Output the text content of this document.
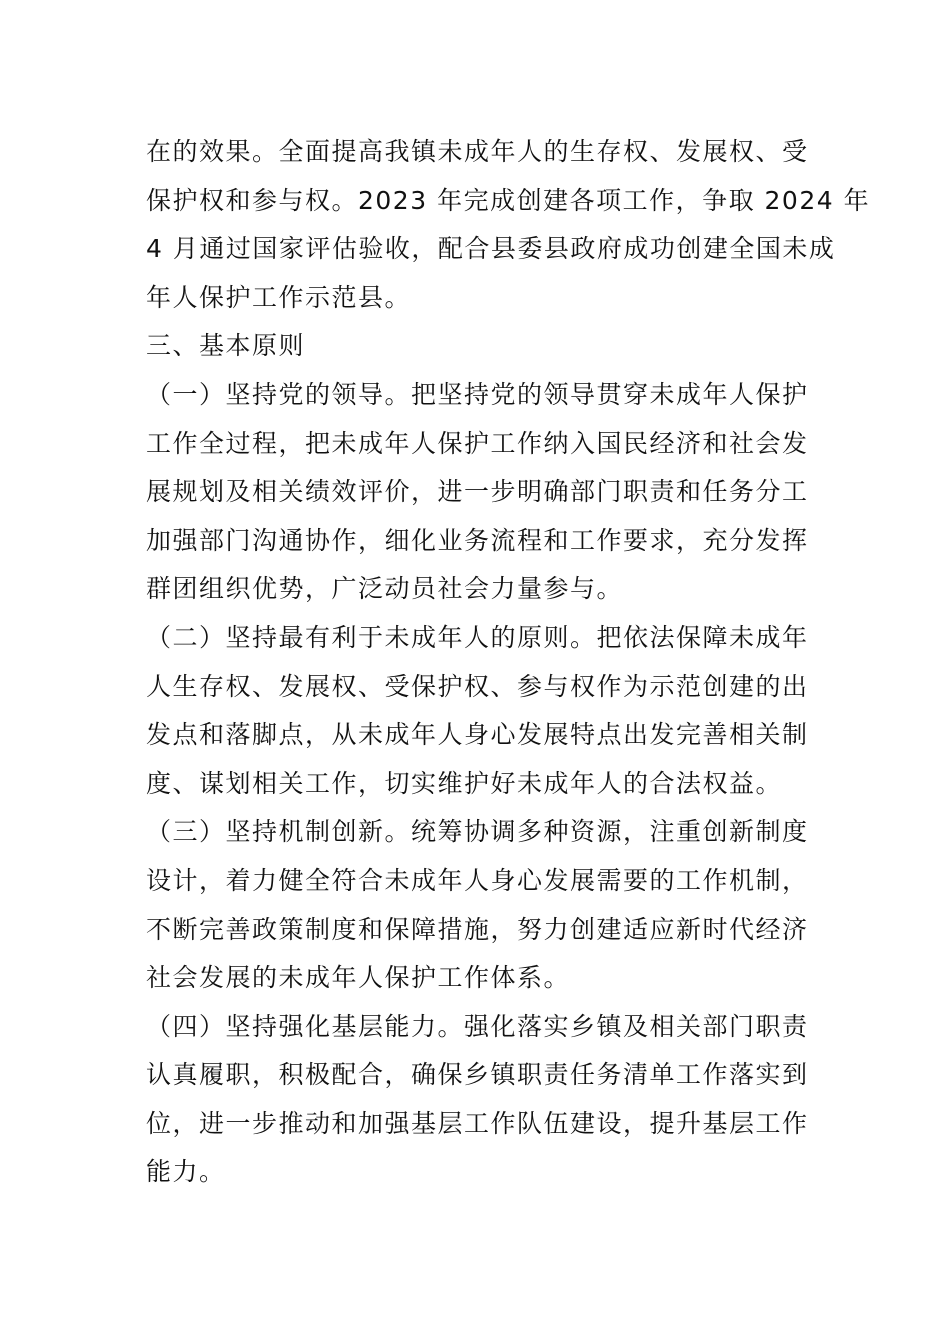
在的效果。全面提高我镇未成年人的生存权、发展权、受
保护权和参与权。2023 年完成创建各项工作，争取 2024 年
4 月通过国家评估验收，配合县委县政府成功创建全国未成
年人保护工作示范县。
三、基本原则
（一）坚持党的领导。把坚持党的领导贯穿未成年人保护
工作全过程，把未成年人保护工作纳入国民经济和社会发
展规划及相关绩效评价，进一步明确部门职责和任务分工
加强部门沟通协作，细化业务流程和工作要求，充分发挥
群团组织优势，广泛动员社会力量参与。
（二）坚持最有利于未成年人的原则。把依法保障未成年
人生存权、发展权、受保护权、参与权作为示范创建的出
发点和落脚点，从未成年人身心发展特点出发完善相关制
度、谋划相关工作，切实维护好未成年人的合法权益。
（三）坚持机制创新。统筹协调多种资源，注重创新制度
设计，着力健全符合未成年人身心发展需要的工作机制，
不断完善政策制度和保障措施，努力创建适应新时代经济
社会发展的未成年人保护工作体系。
（四）坚持强化基层能力。强化落实乡镇及相关部门职责
认真履职，积极配合，确保乡镇职责任务清单工作落实到
位，进一步推动和加强基层工作队伍建设，提升基层工作
能力。
